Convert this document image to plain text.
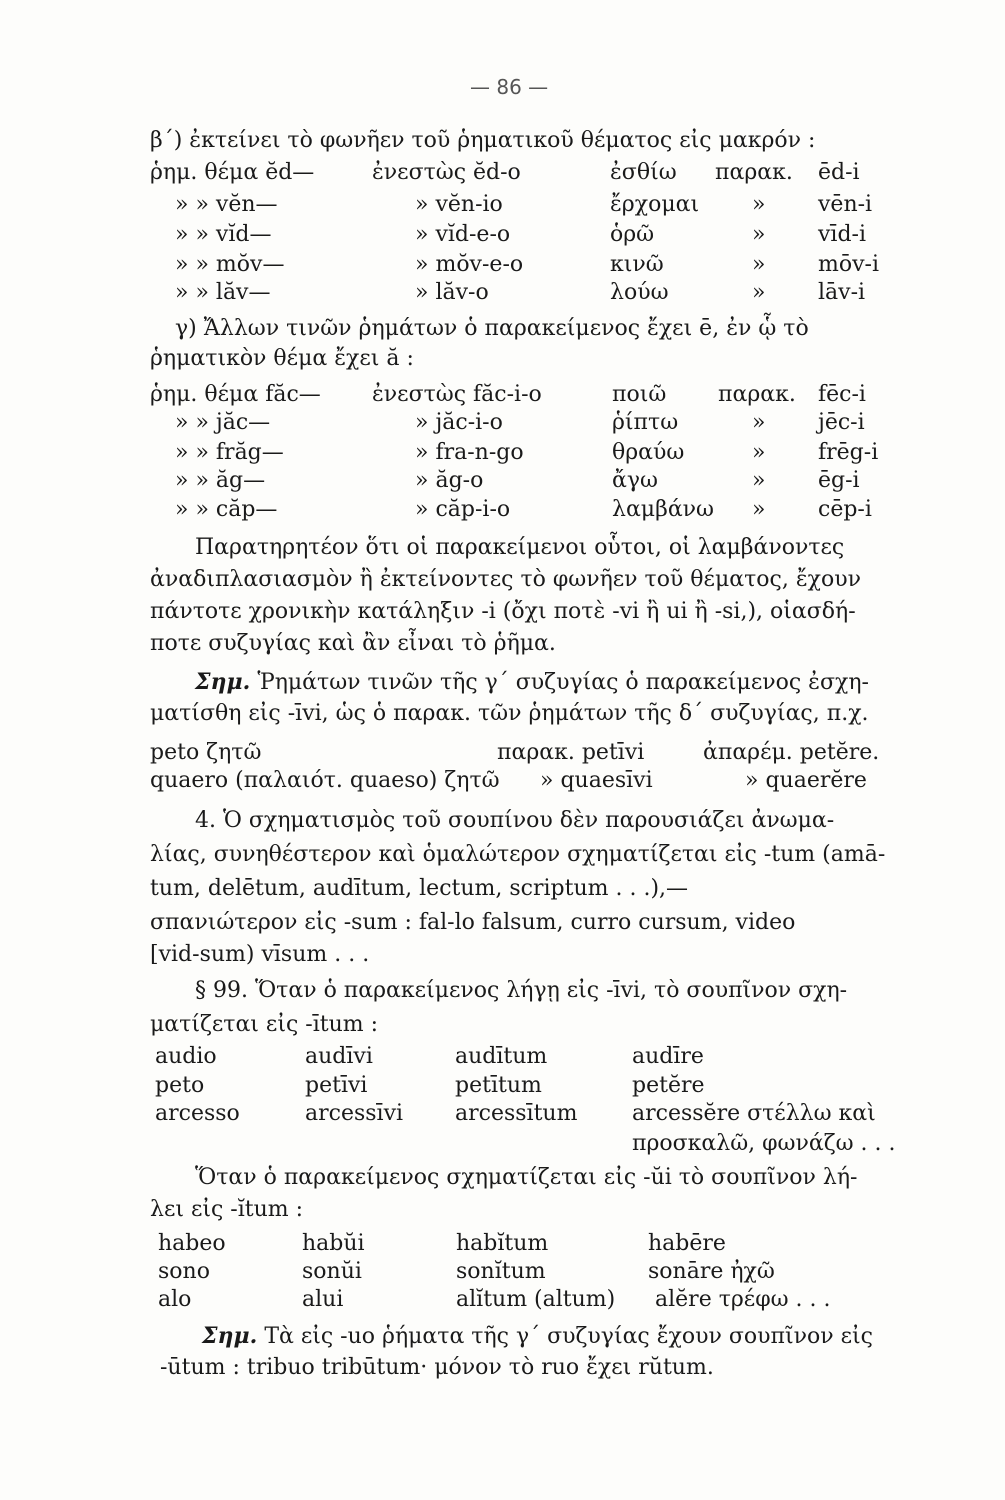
— 86 —
β΄) ἐκτείνει τὸ φωνῆεν τοῦ ῥηματικοῦ θέματος εἰς μακρόν :
ῥημ. θέμα ĕd—	ἐνεστὼς ĕd-o	ἐσθίω παρακ. ēd-i
» » vĕn—	» vĕn-io	ἔρχομαι » vēn-i
» » vĭd—	» vĭd-e-o	ὁρῶ	» vīd-i
» » mŏv—	» mŏv-e-o	κινῶ	» mōv-i
» » lăv—	» lăv-o	λούω	» lāv-i
γ) Ἄλλων τινῶν ῥημάτων ὁ παρακείμενος ἔχει ē, ἐν ᾧ τὸ
ῥηματικὸν θέμα ἔχει ă :
ῥημ. θέμα făc— ἐνεστὼς făc-i-o	ποιῶ παρακ. fēc-i
» » jăc—	» jăc-i-o	ῥίπτω	» jēc-i
» » frăg—	» fra-n-go	θραύω	» frēg-i
» » ăg—	» ăg-o	ἄγω	» ēg-i
» » căp—	» căp-i-o	λαμβάνω » cēp-i
Παρατηρητέον ὅτι οἱ παρακείμενοι οὗτοι, οἱ λαμβάνοντες
ἀναδιπλασιασμὸν ἢ ἐκτείνοντες τὸ φωνῆεν τοῦ θέματος, ἔχουν
πάντοτε χρονικὴν κατάληξιν -i (ὄχι ποτὲ -vi ἢ ui ἢ -si,), οἱασδή-
ποτε συζυγίας καὶ ἂν εἶναι τὸ ῥῆμα.
Σημ. Ῥημάτων τινῶν τῆς γ΄ συζυγίας ὁ παρακείμενος ἐσχη-
ματίσθη εἰς -īvi, ὡς ὁ παρακ. τῶν ῥημάτων τῆς δ΄ συζυγίας, π.χ.
peto ζητῶ	παρακ. petīvi	ἀπαρέμ. petĕre.
quaero (παλαιότ. quaeso) ζητῶ » quaesīvi	» quaerĕre
4. Ὁ σχηματισμὸς τοῦ σουπίνου δὲν παρουσιάζει ἀνωμα-
λίας, συνηθέστερον καὶ ὁμαλώτερον σχηματίζεται εἰς -tum (amā-
tum, delētum, audītum, lectum, scriptum . . .),—
σπανιώτερον εἰς -sum : fal-lo falsum, curro cursum, video
[vid-sum) vīsum . . .
§ 99. Ὅταν ὁ παρακείμενος λήγῃ εἰς -īvi, τὸ σουπῖνον σχη-
ματίζεται εἰς -ītum :
audio	audīvi	audītum	audīre
peto	petīvi	petītum	petĕre
arcesso	arcessīvi arcessītum arcessĕre στέλλω καὶ
προσκαλῶ, φωνάζω . . .
Ὅταν ὁ παρακείμενος σχηματίζεται εἰς -ŭi τὸ σουπῖνον λή-
λει εἰς -ĭtum :
habeo	habŭi	habĭtum	habēre
sono	sonŭi	sonĭtum	sonāre ἠχῶ
alo	alui	alĭtum (altum) alĕre τρέφω . . .
Σημ. Τὰ εἰς -uo ῥήματα τῆς γ΄ συζυγίας ἔχουν σουπῖνον εἰς
-ūtum : tribuo tribūtum· μόνον τὸ ruo ἔχει rŭtum.
